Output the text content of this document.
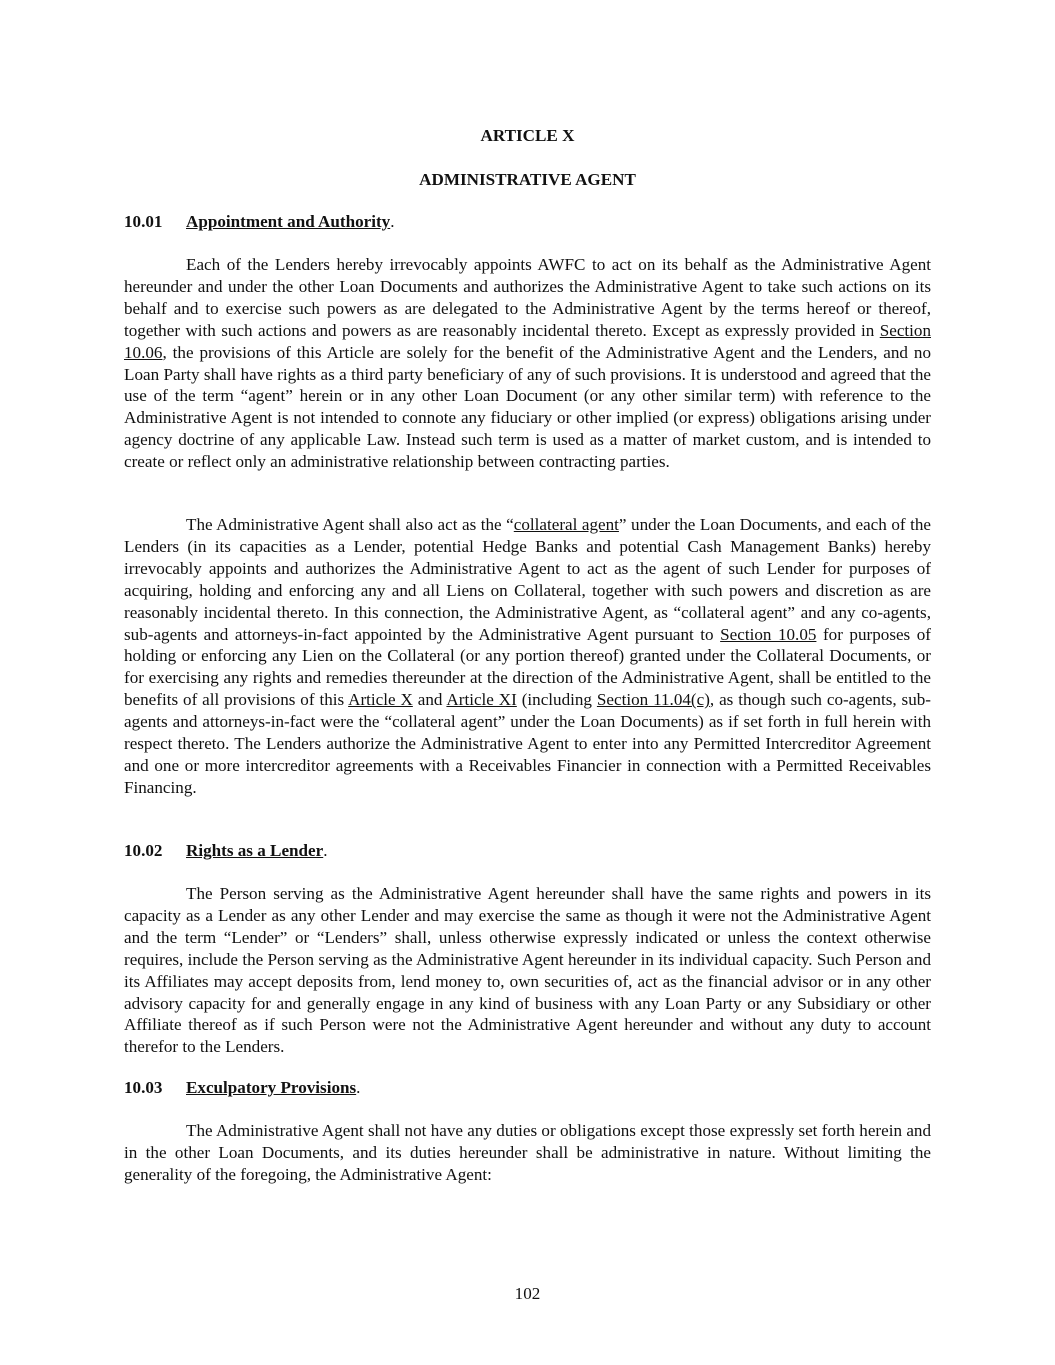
ARTICLE X
ADMINISTRATIVE AGENT
10.01 Appointment and Authority.

Each of the Lenders hereby irrevocably appoints AWFC to act on its behalf as the Administrative Agent hereunder and under the other Loan Documents and authorizes the Administrative Agent to take such actions on its behalf and to exercise such powers as are delegated to the Administrative Agent by the terms hereof or thereof, together with such actions and powers as are reasonably incidental thereto. Except as expressly provided in Section 10.06, the provisions of this Article are solely for the benefit of the Administrative Agent and the Lenders, and no Loan Party shall have rights as a third party beneficiary of any of such provisions. It is understood and agreed that the use of the term “agent” herein or in any other Loan Document (or any other similar term) with reference to the Administrative Agent is not intended to connote any fiduciary or other implied (or express) obligations arising under agency doctrine of any applicable Law. Instead such term is used as a matter of market custom, and is intended to create or reflect only an administrative relationship between contracting parties.

The Administrative Agent shall also act as the “collateral agent” under the Loan Documents, and each of the Lenders (in its capacities as a Lender, potential Hedge Banks and potential Cash Management Banks) hereby irrevocably appoints and authorizes the Administrative Agent to act as the agent of such Lender for purposes of acquiring, holding and enforcing any and all Liens on Collateral, together with such powers and discretion as are reasonably incidental thereto. In this connection, the Administrative Agent, as “collateral agent” and any co-agents, sub-agents and attorneys-in-fact appointed by the Administrative Agent pursuant to Section 10.05 for purposes of holding or enforcing any Lien on the Collateral (or any portion thereof) granted under the Collateral Documents, or for exercising any rights and remedies thereunder at the direction of the Administrative Agent, shall be entitled to the benefits of all provisions of this Article X and Article XI (including Section 11.04(c), as though such co-agents, sub-agents and attorneys-in-fact were the “collateral agent” under the Loan Documents) as if set forth in full herein with respect thereto. The Lenders authorize the Administrative Agent to enter into any Permitted Intercreditor Agreement and one or more intercreditor agreements with a Receivables Financier in connection with a Permitted Receivables Financing.

10.02 Rights as a Lender.

The Person serving as the Administrative Agent hereunder shall have the same rights and powers in its capacity as a Lender as any other Lender and may exercise the same as though it were not the Administrative Agent and the term “Lender” or “Lenders” shall, unless otherwise expressly indicated or unless the context otherwise requires, include the Person serving as the Administrative Agent hereunder in its individual capacity. Such Person and its Affiliates may accept deposits from, lend money to, own securities of, act as the financial advisor or in any other advisory capacity for and generally engage in any kind of business with any Loan Party or any Subsidiary or other Affiliate thereof as if such Person were not the Administrative Agent hereunder and without any duty to account therefor to the Lenders.

10.03 Exculpatory Provisions.

The Administrative Agent shall not have any duties or obligations except those expressly set forth herein and in the other Loan Documents, and its duties hereunder shall be administrative in nature. Without limiting the generality of the foregoing, the Administrative Agent:

102
